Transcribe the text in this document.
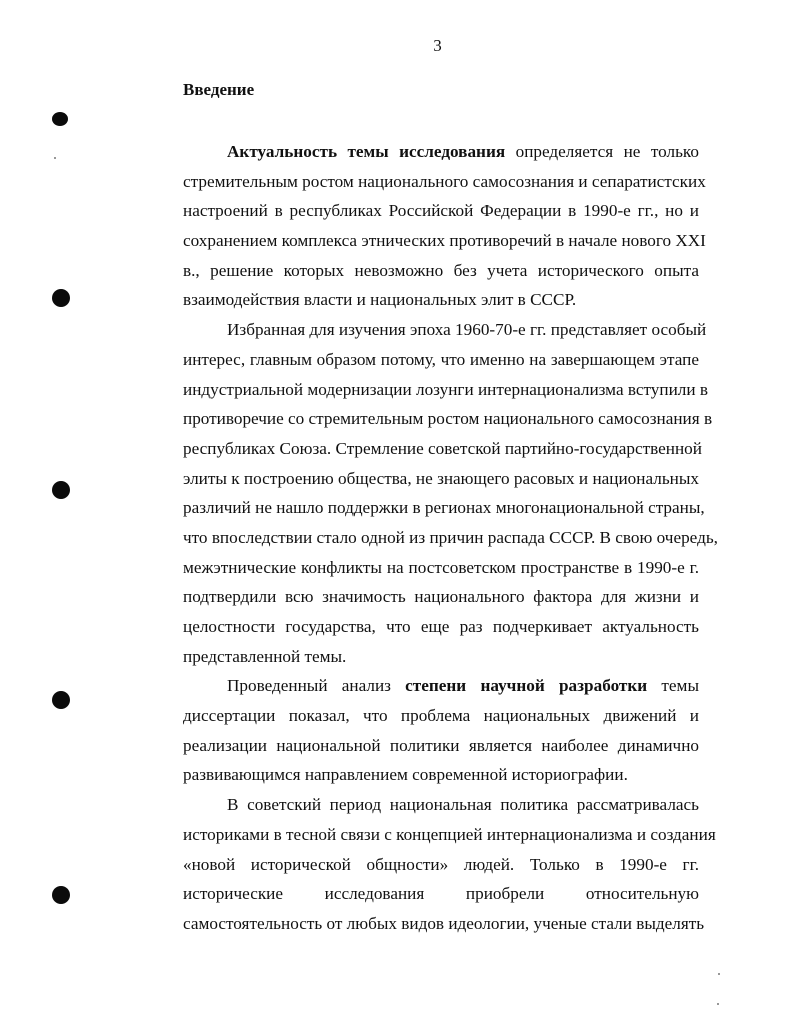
3
Введение
Актуальность темы исследования определяется не только
стремительным ростом национального самосознания и сепаратистских
настроений в республиках Российской Федерации в 1990-е гг., но и
сохранением комплекса этнических противоречий в начале нового XXI
в., решение которых невозможно без учета исторического опыта
взаимодействия власти и национальных элит в СССР.
Избранная для изучения эпоха 1960-70-е гг. представляет особый
интерес, главным образом потому, что именно на завершающем этапе
индустриальной модернизации лозунги интернационализма вступили в
противоречие со стремительным ростом национального самосознания в
республиках Союза. Стремление советской партийно-государственной
элиты к построению общества, не знающего расовых и национальных
различий не нашло поддержки в регионах многонациональной страны,
что впоследствии стало одной из причин распада СССР. В свою очередь,
межэтнические конфликты на постсоветском пространстве в 1990-е г.
подтвердили всю значимость национального фактора для жизни и
целостности государства, что еще раз подчеркивает актуальность
представленной темы.
Проведенный анализ степени научной разработки темы
диссертации показал, что проблема национальных движений и
реализации национальной политики является наиболее динамично
развивающимся направлением современной историографии.
В советский период национальная политика рассматривалась
историками в тесной связи с концепцией интернационализма и создания
«новой исторической общности» людей. Только в 1990-е гг.
исторические исследования приобрели относительную
самостоятельность от любых видов идеологии, ученые стали выделять
